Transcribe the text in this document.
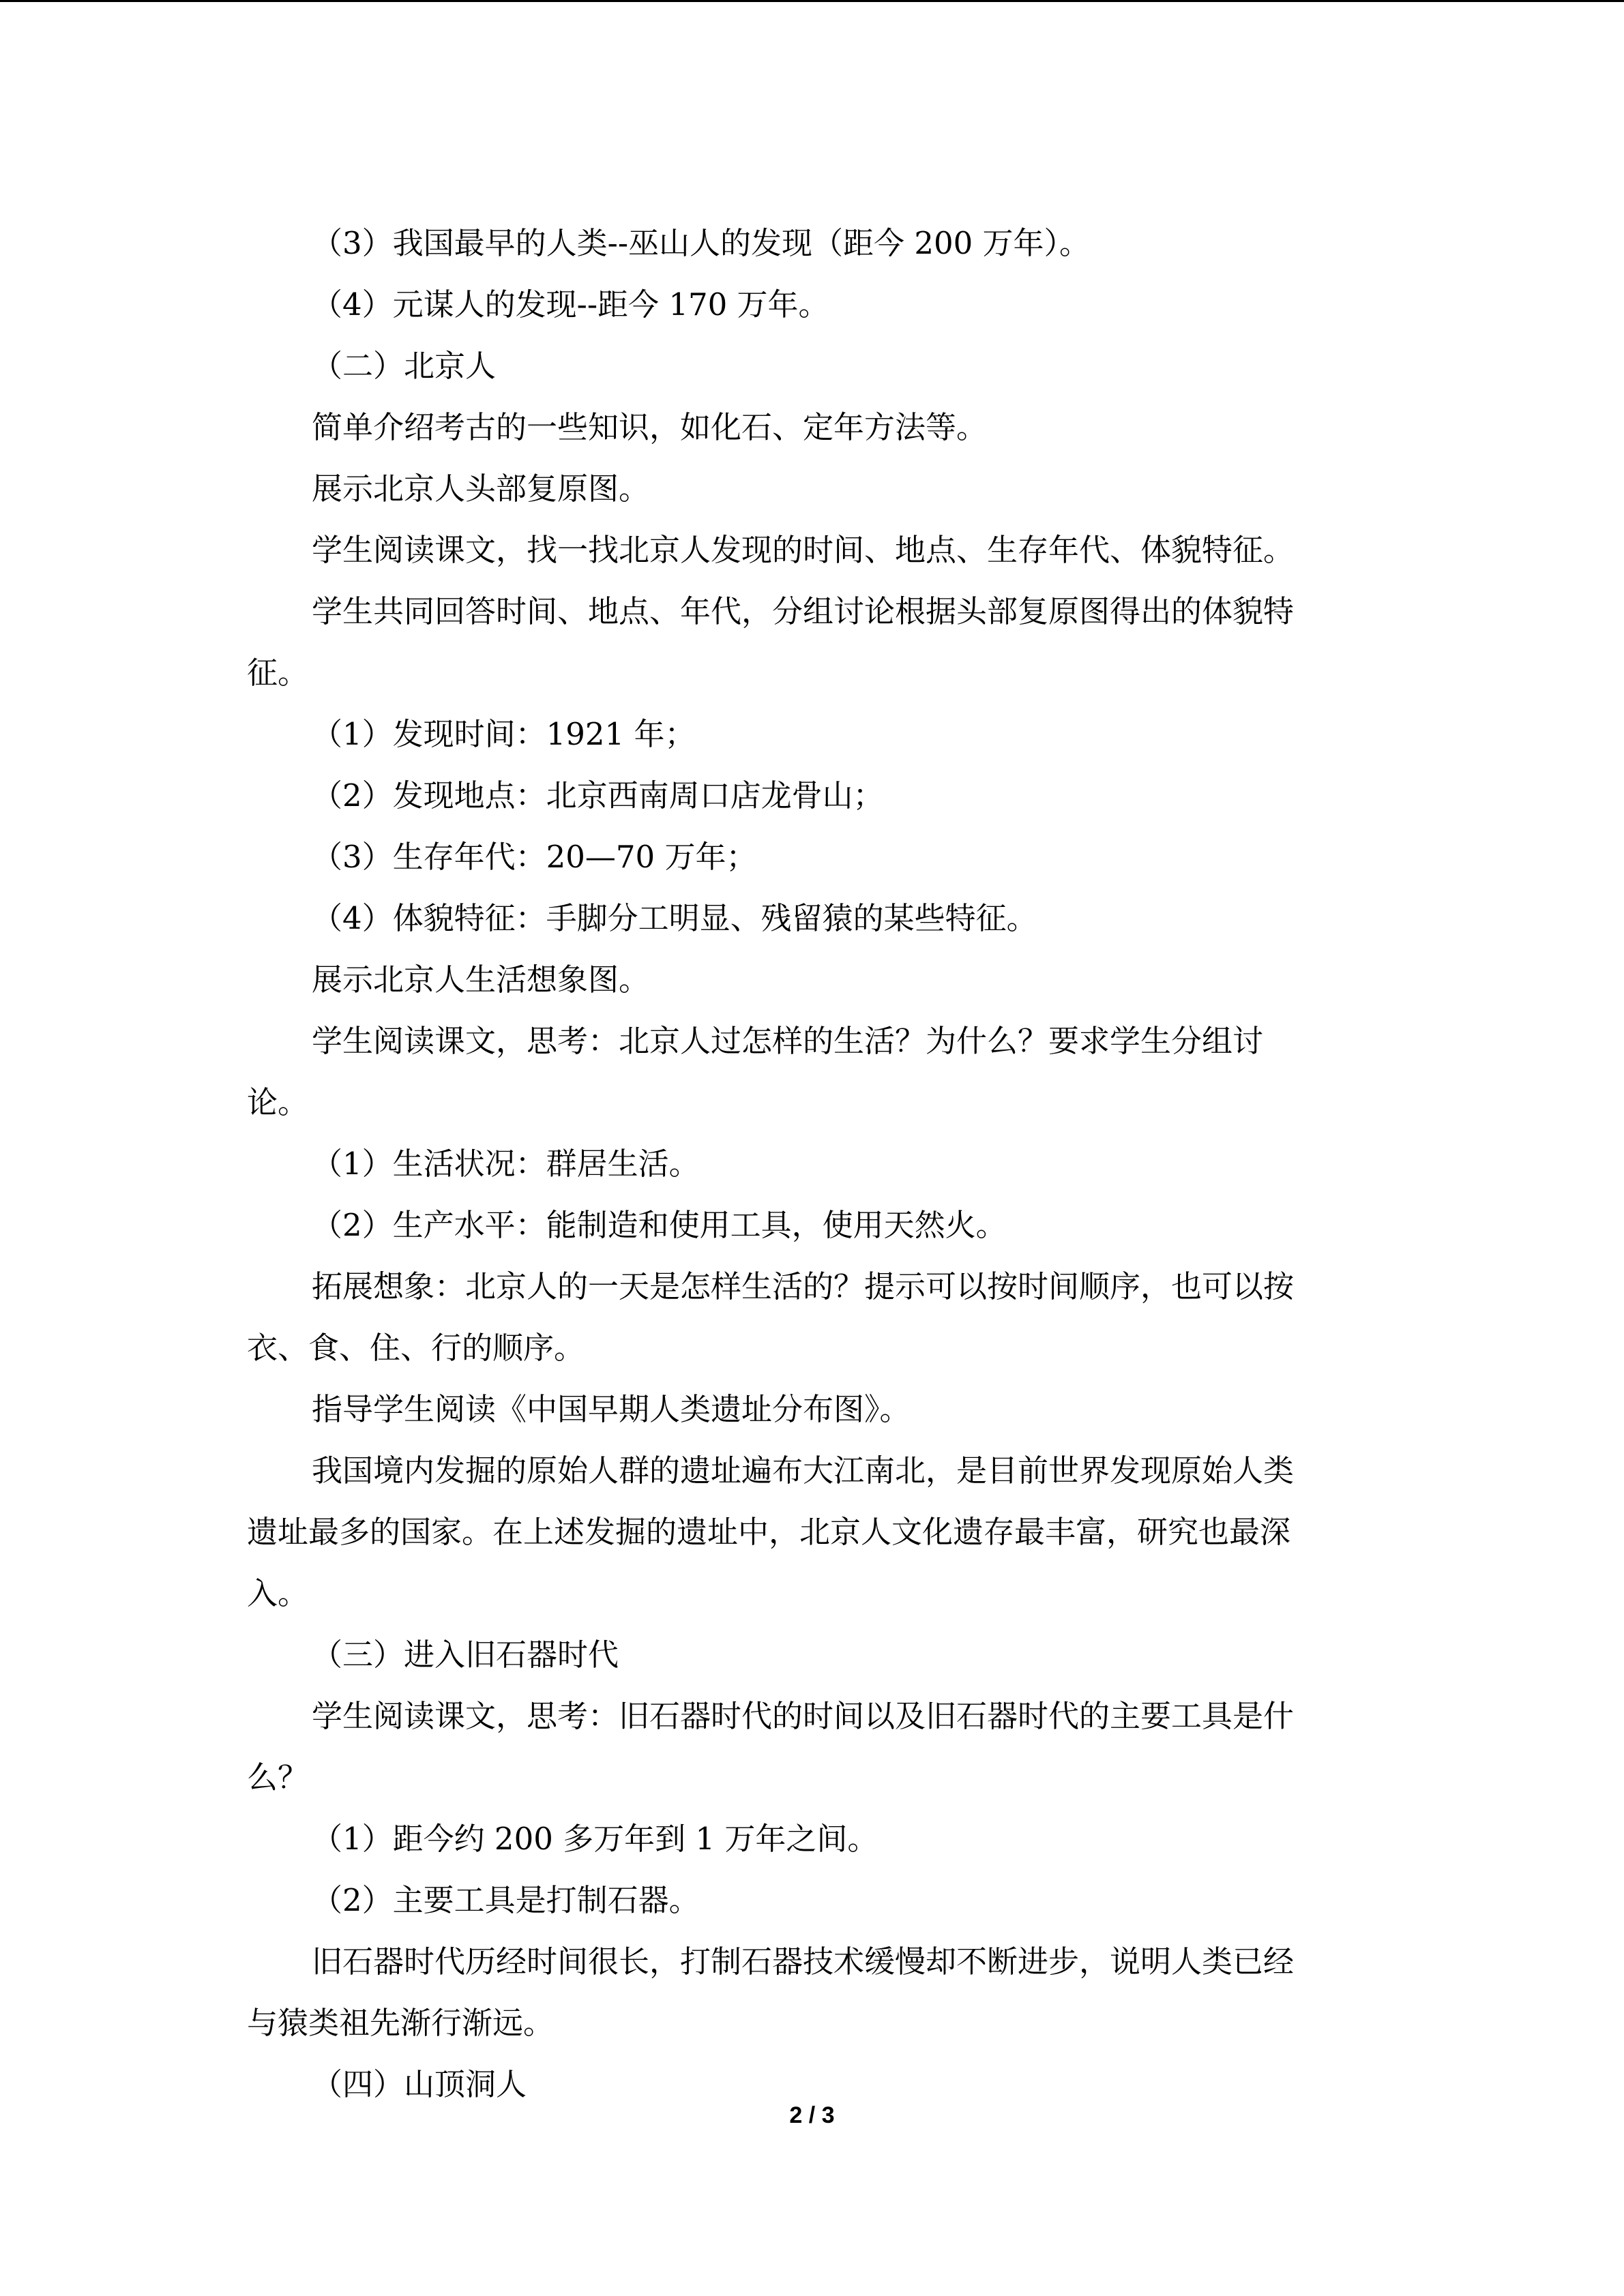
（3）我国最早的人类--巫山人的发现（距今 200 万年）。
（4）元谋人的发现--距今 170 万年。
（二）北京人
简单介绍考古的一些知识，如化石、定年方法等。
展示北京人头部复原图。
学生阅读课文，找一找北京人发现的时间、地点、生存年代、体貌特征。
学生共同回答时间、地点、年代，分组讨论根据头部复原图得出的体貌特
征。
（1）发现时间：1921 年；
（2）发现地点：北京西南周口店龙骨山；
（3）生存年代：20—70 万年；
（4）体貌特征：手脚分工明显、残留猿的某些特征。
展示北京人生活想象图。
学生阅读课文，思考：北京人过怎样的生活？为什么？要求学生分组讨
论。
（1）生活状况：群居生活。
（2）生产水平：能制造和使用工具，使用天然火。
拓展想象：北京人的一天是怎样生活的？提示可以按时间顺序，也可以按
衣、食、住、行的顺序。
指导学生阅读《中国早期人类遗址分布图》。
我国境内发掘的原始人群的遗址遍布大江南北，是目前世界发现原始人类
遗址最多的国家。在上述发掘的遗址中，北京人文化遗存最丰富，研究也最深
入。
（三）进入旧石器时代
学生阅读课文，思考：旧石器时代的时间以及旧石器时代的主要工具是什
么？
（1）距今约 200 多万年到 1 万年之间。
（2）主要工具是打制石器。
旧石器时代历经时间很长，打制石器技术缓慢却不断进步，说明人类已经
与猿类祖先渐行渐远。
（四）山顶洞人
2 / 3
